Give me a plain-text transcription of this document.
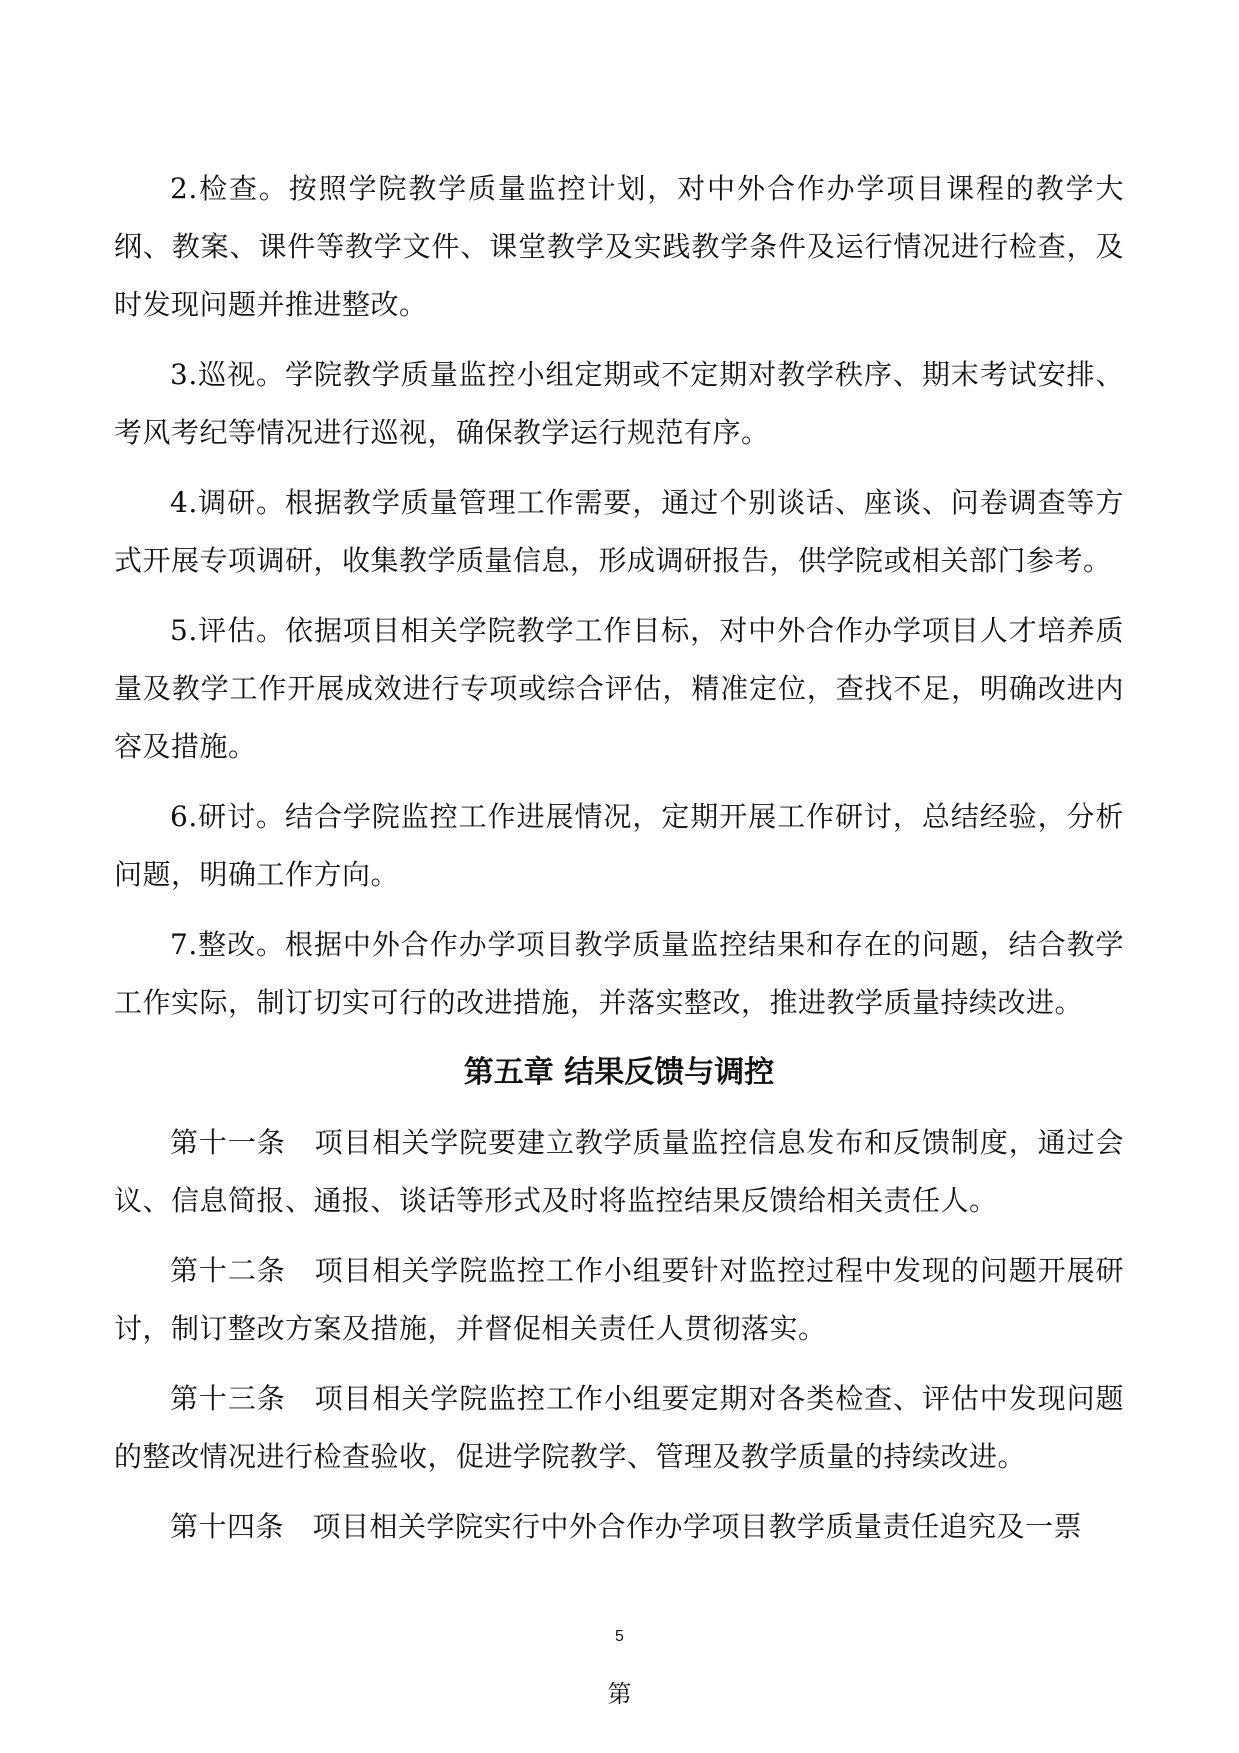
2.检查。按照学院教学质量监控计划，对中外合作办学项目课程的教学大纲、教案、课件等教学文件、课堂教学及实践教学条件及运行情况进行检查，及时发现问题并推进整改。

3.巡视。学院教学质量监控小组定期或不定期对教学秩序、期末考试安排、考风考纪等情况进行巡视，确保教学运行规范有序。

4.调研。根据教学质量管理工作需要，通过个别谈话、座谈、问卷调查等方式开展专项调研，收集教学质量信息，形成调研报告，供学院或相关部门参考。

5.评估。依据项目相关学院教学工作目标，对中外合作办学项目人才培养质量及教学工作开展成效进行专项或综合评估，精准定位，查找不足，明确改进内容及措施。

6.研讨。结合学院监控工作进展情况，定期开展工作研讨，总结经验，分析问题，明确工作方向。

7.整改。根据中外合作办学项目教学质量监控结果和存在的问题，结合教学工作实际，制订切实可行的改进措施，并落实整改，推进教学质量持续改进。

第五章 结果反馈与调控

第十一条　项目相关学院要建立教学质量监控信息发布和反馈制度，通过会议、信息简报、通报、谈话等形式及时将监控结果反馈给相关责任人。

第十二条　项目相关学院监控工作小组要针对监控过程中发现的问题开展研讨，制订整改方案及措施，并督促相关责任人贯彻落实。

第十三条　项目相关学院监控工作小组要定期对各类检查、评估中发现问题的整改情况进行检查验收，促进学院教学、管理及教学质量的持续改进。

第十四条　项目相关学院实行中外合作办学项目教学质量责任追究及一票

5
第
